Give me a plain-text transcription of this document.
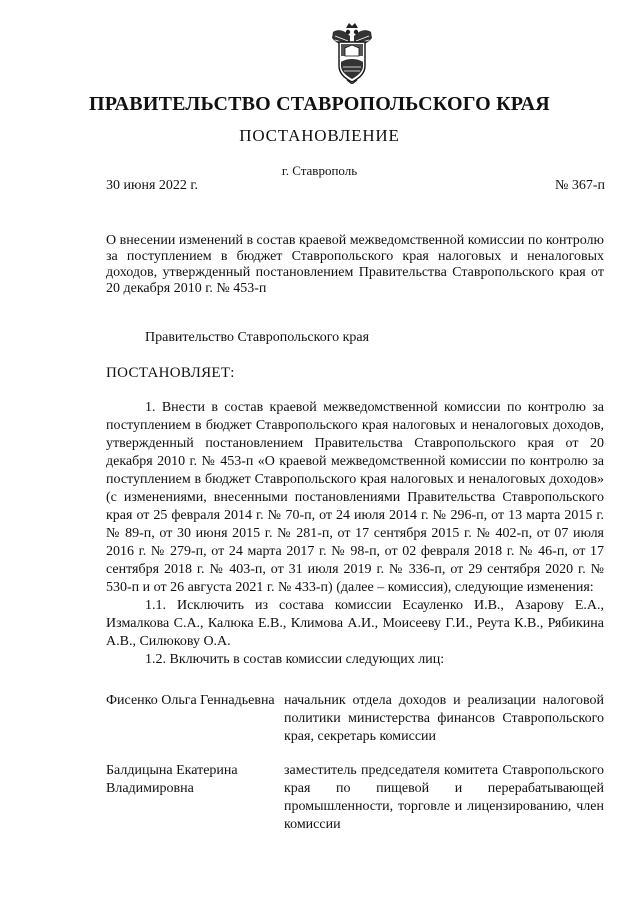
ПРАВИТЕЛЬСТВО СТАВРОПОЛЬСКОГО КРАЯ
ПОСТАНОВЛЕНИЕ
г. Ставрополь
30 июня 2022 г.	№ 367-п
О внесении изменений в состав краевой межведомственной комиссии по контролю за поступлением в бюджет Ставропольского края налоговых и неналоговых доходов, утвержденный постановлением Правительства Ставропольского края от 20 декабря 2010 г. № 453-п
Правительство Ставропольского края
ПОСТАНОВЛЯЕТ:

1. Внести в состав краевой межведомственной комиссии по контролю за поступлением в бюджет Ставропольского края налоговых и неналоговых доходов, утвержденный постановлением Правительства Ставропольского края от 20 декабря 2010 г. № 453-п «О краевой межведомственной комиссии по контролю за поступлением в бюджет Ставропольского края налоговых и неналоговых доходов» (с изменениями, внесенными постановлениями Правительства Ставропольского края от 25 февраля 2014 г. № 70-п, от 24 июля 2014 г. № 296-п, от 13 марта 2015 г. № 89-п, от 30 июня 2015 г. № 281-п, от 17 сентября 2015 г. № 402-п, от 07 июля 2016 г. № 279-п, от 24 марта 2017 г. № 98-п, от 02 февраля 2018 г. № 46-п, от 17 сентября 2018 г. № 403-п, от 31 июля 2019 г. № 336-п, от 29 сентября 2020 г. № 530-п и от 26 августа 2021 г. № 433-п) (далее – комиссия), следующие изменения:

1.1. Исключить из состава комиссии Есауленко И.В., Азарову Е.А., Измалкова С.А., Калюка Е.В., Климова А.И., Моисееву Г.И., Реута К.В., Рябикина А.В., Силюкову О.А.

1.2. Включить в состав комиссии следующих лиц:

Фисенко Ольга Геннадьевна начальник отдела доходов и реализации налоговой политики министерства финансов Ставропольского края, секретарь комиссии
Балдицына Екатерина Владимировна
заместитель председателя комитета Ставропольского края по пищевой и перерабатывающей промышленности, торговле и лицензированию, член комиссии
